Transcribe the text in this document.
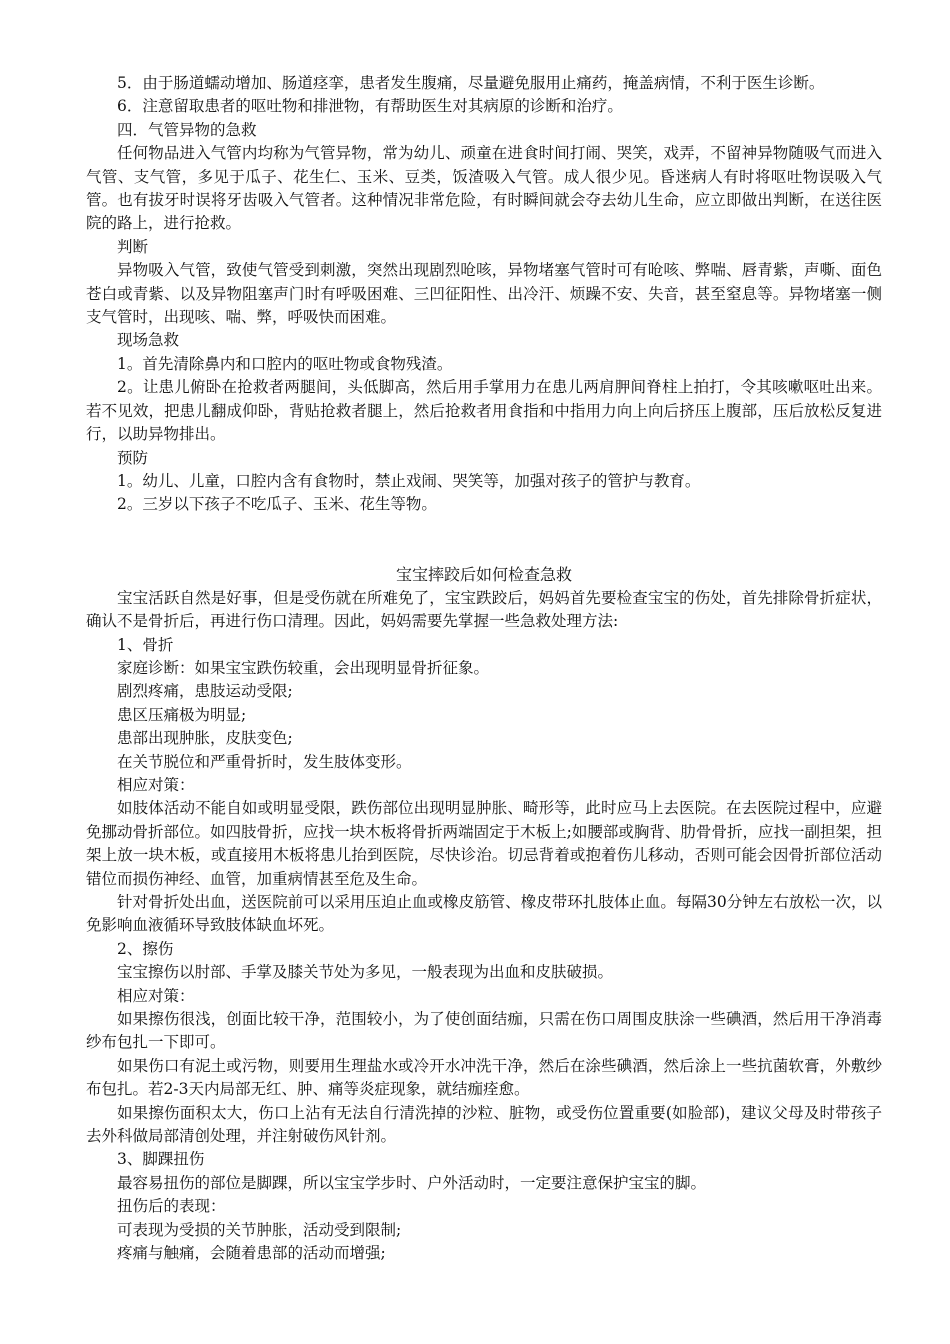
5．由于肠道蠕动增加、肠道痉挛，患者发生腹痛，尽量避免服用止痛药，掩盖病情，不利于医生诊断。

6．注意留取患者的呕吐物和排泄物，有帮助医生对其病原的诊断和治疗。

四．气管异物的急救

任何物品进入气管内均称为气管异物，常为幼儿、顽童在进食时间打闹、哭笑，戏弄，不留神异物随吸气而进入气管、支气管，多见于瓜子、花生仁、玉米、豆类，饭渣吸入气管。成人很少见。昏迷病人有时将呕吐物误吸入气管。也有拔牙时误将牙齿吸入气管者。这种情况非常危险，有时瞬间就会夺去幼儿生命，应立即做出判断，在送往医院的路上，进行抢救。

判断

异物吸入气管，致使气管受到刺激，突然出现剧烈呛咳，异物堵塞气管时可有呛咳、弊喘、唇青紫，声嘶、面色苍白或青紫、以及异物阻塞声门时有呼吸困难、三凹征阳性、出冷汗、烦躁不安、失音，甚至窒息等。异物堵塞一侧支气管时，出现咳、喘、弊，呼吸快而困难。

现场急救

1。首先清除鼻内和口腔内的呕吐物或食物残渣。

2。让患儿俯卧在抢救者两腿间，头低脚高，然后用手掌用力在患儿两肩胛间脊柱上拍打，令其咳嗽呕吐出来。若不见效，把患儿翻成仰卧，背贴抢救者腿上，然后抢救者用食指和中指用力向上向后挤压上腹部，压后放松反复进行，以助异物排出。

预防

1。幼儿、儿童，口腔内含有食物时，禁止戏闹、哭笑等，加强对孩子的管护与教育。

2。三岁以下孩子不吃瓜子、玉米、花生等物。

宝宝摔跤后如何检查急救

宝宝活跃自然是好事，但是受伤就在所难免了，宝宝跌跤后，妈妈首先要检查宝宝的伤处，首先排除骨折症状，确认不是骨折后，再进行伤口清理。因此，妈妈需要先掌握一些急救处理方法:

1、骨折

家庭诊断：如果宝宝跌伤较重，会出现明显骨折征象。

剧烈疼痛，患肢运动受限;

患区压痛极为明显;

患部出现肿胀，皮肤变色;

在关节脱位和严重骨折时，发生肢体变形。

相应对策：

如肢体活动不能自如或明显受限，跌伤部位出现明显肿胀、畸形等，此时应马上去医院。在去医院过程中，应避免挪动骨折部位。如四肢骨折，应找一块木板将骨折两端固定于木板上;如腰部或胸背、肋骨骨折，应找一副担架，担架上放一块木板，或直接用木板将患儿抬到医院，尽快诊治。切忌背着或抱着伤儿移动，否则可能会因骨折部位活动错位而损伤神经、血管，加重病情甚至危及生命。

针对骨折处出血，送医院前可以采用压迫止血或橡皮筋管、橡皮带环扎肢体止血。每隔30分钟左右放松一次，以免影响血液循环导致肢体缺血坏死。

2、擦伤

宝宝擦伤以肘部、手掌及膝关节处为多见，一般表现为出血和皮肤破损。

相应对策：

如果擦伤很浅，创面比较干净，范围较小，为了使创面结痂，只需在伤口周围皮肤涂一些碘酒，然后用干净消毒纱布包扎一下即可。

如果伤口有泥土或污物，则要用生理盐水或冷开水冲洗干净，然后在涂些碘酒，然后涂上一些抗菌软膏，外敷纱布包扎。若2-3天内局部无红、肿、痛等炎症现象，就结痂痊愈。

如果擦伤面积太大，伤口上沾有无法自行清洗掉的沙粒、脏物，或受伤位置重要(如脸部)，建议父母及时带孩子去外科做局部清创处理，并注射破伤风针剂。

3、脚踝扭伤

最容易扭伤的部位是脚踝，所以宝宝学步时、户外活动时，一定要注意保护宝宝的脚。

扭伤后的表现：

可表现为受损的关节肿胀，活动受到限制;

疼痛与触痛，会随着患部的活动而增强;
